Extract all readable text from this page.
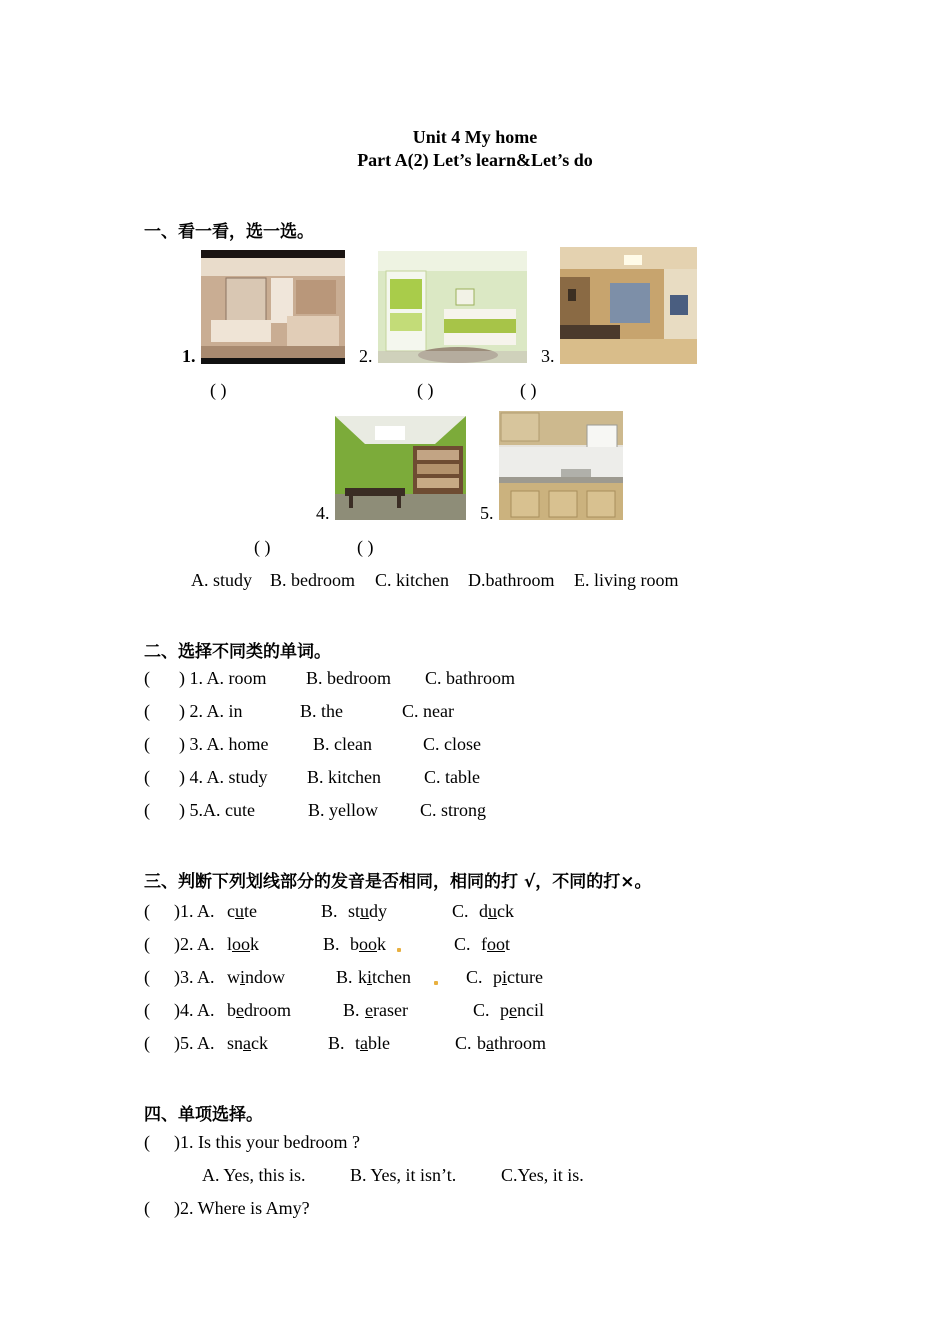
Unit 4 My home
Part A(2) Let’s learn&Let’s do
一、看一看，选一选。
1.	2.	3.
( )	( )	( )
4.	5.
( )	( )
A. study B. bedroom C. kitchen D.bathroom E. living room
二、选择不同类的单词。
( ) 1. A. room B. bedroom C. bathroom
( ) 2. A. in	B. the	C. near
( ) 3. A. home B. clean	C. close
( ) 4. A. study B. kitchen C. table
( ) 5.A. cute	B. yellow C. strong
三、判断下列划线部分的发音是否相同，相同的打 √，不同的打×。
( )1. A. cute	B. study	C. duck
( )2. A. look	B. book	C. foot
( )3. A. window	B. kitchen	C. picture
( )4. A. bedroom	B. eraser	C. pencil
( )5. A. snack	B. table	C. bathroom
四、单项选择。
( )1. Is this your bedroom ?
A. Yes, this is. B. Yes, it isn’t. C.Yes, it is.
( )2. Where is Amy?
